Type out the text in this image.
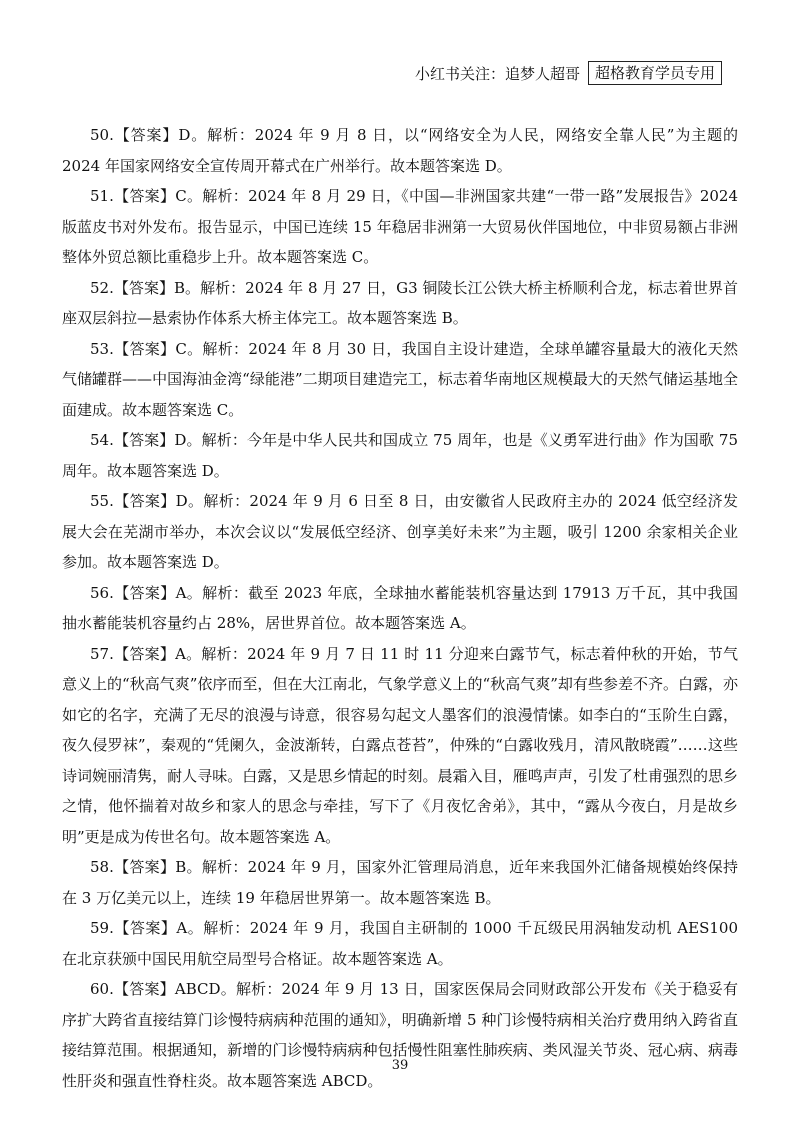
小红书关注：追梦人超哥	超格教育学员专用

50.【答案】D。解析：2024 年 9 月 8 日，以“网络安全为人民，网络安全靠人民”为主题的 2024 年国家网络安全宣传周开幕式在广州举行。故本题答案选 D。

51.【答案】C。解析：2024 年 8 月 29 日，《中国—非洲国家共建“一带一路”发展报告》2024 版蓝皮书对外发布。报告显示，中国已连续 15 年稳居非洲第一大贸易伙伴国地位，中非贸易额占非洲整体外贸总额比重稳步上升。故本题答案选 C。

52.【答案】B。解析：2024 年 8 月 27 日，G3 铜陵长江公铁大桥主桥顺利合龙，标志着世界首座双层斜拉—悬索协作体系大桥主体完工。故本题答案选 B。

53.【答案】C。解析：2024 年 8 月 30 日，我国自主设计建造，全球单罐容量最大的液化天然气储罐群——中国海油金湾“绿能港”二期项目建造完工，标志着华南地区规模最大的天然气储运基地全面建成。故本题答案选 C。

54.【答案】D。解析：今年是中华人民共和国成立 75 周年，也是《义勇军进行曲》作为国歌 75 周年。故本题答案选 D。

55.【答案】D。解析：2024 年 9 月 6 日至 8 日，由安徽省人民政府主办的 2024 低空经济发展大会在芜湖市举办，本次会议以“发展低空经济、创享美好未来”为主题，吸引 1200 余家相关企业参加。故本题答案选 D。

56.【答案】A。解析：截至 2023 年底，全球抽水蓄能装机容量达到 17913 万千瓦，其中我国抽水蓄能装机容量约占 28%，居世界首位。故本题答案选 A。

57.【答案】A。解析：2024 年 9 月 7 日 11 时 11 分迎来白露节气，标志着仲秋的开始，节气意义上的“秋高气爽”依序而至，但在大江南北，气象学意义上的“秋高气爽”却有些参差不齐。白露，亦如它的名字，充满了无尽的浪漫与诗意，很容易勾起文人墨客们的浪漫情愫。如李白的“玉阶生白露，夜久侵罗袜”，秦观的“凭阑久，金波渐转，白露点苍苔”，仲殊的“白露收残月，清风散晓霞”……这些诗词婉丽清隽，耐人寻味。白露，又是思乡情起的时刻。晨霜入目，雁鸣声声，引发了杜甫强烈的思乡之情，他怀揣着对故乡和家人的思念与牵挂，写下了《月夜忆舍弟》，其中，“露从今夜白，月是故乡明”更是成为传世名句。故本题答案选 A。

58.【答案】B。解析：2024 年 9 月，国家外汇管理局消息，近年来我国外汇储备规模始终保持在 3 万亿美元以上，连续 19 年稳居世界第一。故本题答案选 B。

59.【答案】A。解析：2024 年 9 月，我国自主研制的 1000 千瓦级民用涡轴发动机 AES100 在北京获颁中国民用航空局型号合格证。故本题答案选 A。

60.【答案】ABCD。解析：2024 年 9 月 13 日，国家医保局会同财政部公开发布《关于稳妥有序扩大跨省直接结算门诊慢特病病种范围的通知》，明确新增 5 种门诊慢特病相关治疗费用纳入跨省直接结算范围。根据通知，新增的门诊慢特病病种包括慢性阻塞性肺疾病、类风湿关节炎、冠心病、病毒性肝炎和强直性脊柱炎。故本题答案选 ABCD。

39
